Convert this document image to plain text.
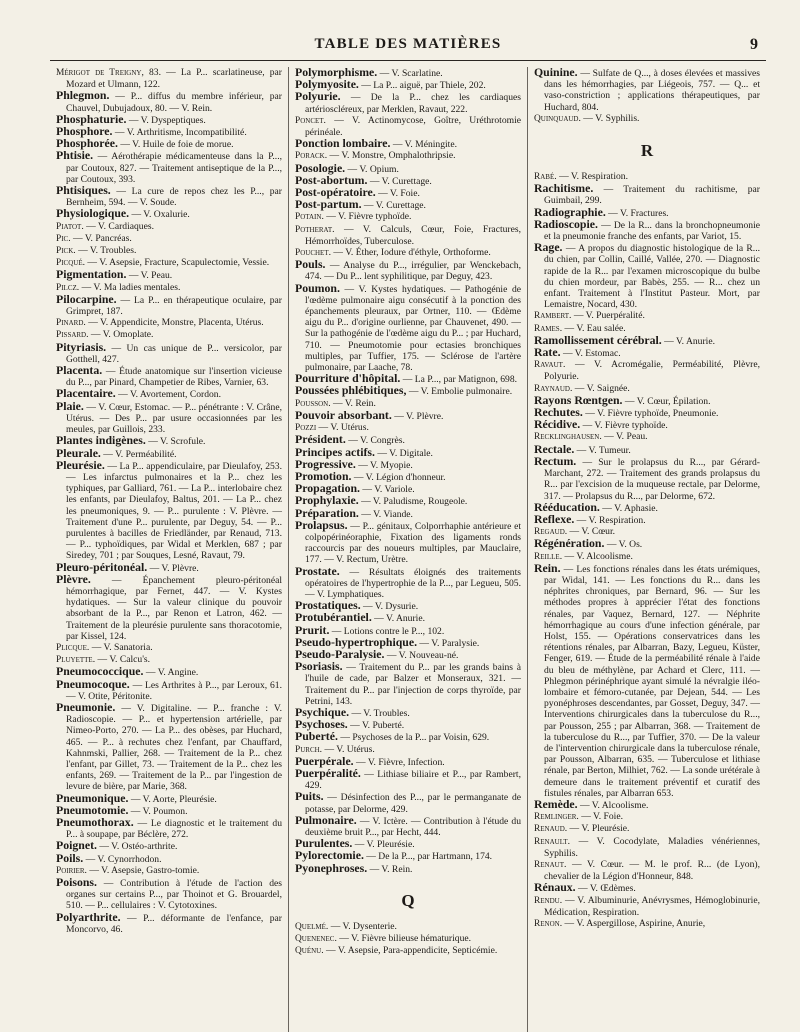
TABLE DES MATIÈRES	9

Mérigot de Treigny, 83. — La P... scarlatineuse, par Mozard et Ulmann, 122.

Phlegmon. — P... diffus du membre inférieur, par Chauvel, Dubujadoux, 80. — V. Rein.

Phosphaturie. — V. Dyspeptiques.

Phosphore. — V. Arthritisme, Incompatibilité.

Phosphorée. — V. Huile de foie de morue.

Phtisie. — Aérothérapie médicamenteuse dans la P..., par Coutoux, 827. — Traitement antiseptique de la P..., par Coutoux, 393.

Phtisiques. — La cure de repos chez les P..., par Bernheim, 594. — V. Soude.

Physiologique. — V. Oxalurie.

Piatot. — V. Cardiaques.

Pic. — V. Pancréas.

Pick. — V. Troubles.

Picqué. — V. Asepsie, Fracture, Scapulectomie, Vessie.

Pigmentation. — V. Peau.

Pilcz. — V. Ma ladies mentales.

Pilocarpine. — La P... en thérapeutique oculaire, par Grimpret, 187.

Pinard. — V. Appendicite, Monstre, Placenta, Utérus.

Pissard. — V. Omoplate.

Pityriasis. — Un cas unique de P... versicolor, par Gotthell, 427.

Placenta. — Étude anatomique sur l'insertion vicieuse du P..., par Pinard, Champetier de Ribes, Varnier, 63.

Placentaire. — V. Avortement, Cordon.

Plaie. — V. Cœur, Estomac. — P... pénétrante : V. Crâne, Utérus. — Des P... par usure occasionnées par les meules, par Guillois, 233.

Plantes indigènes. — V. Scrofule.

Pleurale. — V. Perméabilité.

Pleurésie. — La P... appendiculaire, par Dieulafoy, 253. — Les infarctus pulmonaires et la P... chez les typhiques, par Galliard, 761. — La P... interlobaire chez les enfants, par Dieulafoy, Baltus, 201. — La P... chez les pneumoniques, 9. — P... purulente : V. Plèvre. — Traitement d'une P... purulente, par Deguy, 54. — P... purulentes à bacilles de Friedländer, par Renaud, 713. — P... typhoïdiques, par Widal et Merklen, 687 ; par Siredey, 701 ; par Souques, Lesné, Ravaut, 79.

Pleuro-péritonéal. — V. Plèvre.

Plèvre. — Épanchement pleuro-péritonéal hémorrhagique, par Fernet, 447. — V. Kystes hydatiques. — Sur la valeur clinique du pouvoir absorbant de la P..., par Renon et Latron, 462. — Traitement de la pleurésie purulente sans thoracotomie, par Kissel, 124.

Plicque. — V. Sanatoria.

Pluyette. — V. Calcu's.

Pneumococcique. — V. Angine.

Pneumocoque. — Les Arthrites à P..., par Leroux, 61. — V. Otite, Péritonite.

Pneumonie. — V. Digitaline. — P... franche : V. Radioscopie. — P... et hypertension artérielle, par Nimeo-Porto, 270. — La P... des obèses, par Huchard, 465. — P... à rechutes chez l'enfant, par Chauffard, Kahnmski, Pallier, 268. — Traitement de la P... chez l'enfant, par Gillet, 73. — Traitement de la P... chez les enfants, 269. — Traitement de la P... par l'ingestion de levure de bière, par Marie, 368.

Pneumonique. — V. Aorte, Pleurésie.

Pneumotomie. — V. Poumon.

Pneumothorax. — Le diagnostic et le traitement du P... à soupape, par Béclère, 272.

Poignet. — V. Ostéo-arthrite.

Poils. — V. Cynorrhodon.

Poirier. — V. Asepsie, Gastro-tomie.

Poisons. — Contribution à l'étude de l'action des organes sur certains P..., par Thoinot et G. Brouardel, 510. — P... cellulaires : V. Cytotoxines.

Polyarthrite. — P... déformante de l'enfance, par Moncorvo, 46.

Polymorphisme. — V. Scarlatine.

Polymyosite. — La P... aiguë, par Thiele, 202.

Polyurie. — De la P... chez les cardiaques artérioscléreux, par Merklen, Ravaut, 222.

Poncet. — V. Actinomycose, Goître, Uréthrotomie périnéale.

Ponction lombaire. — V. Méningite.

Porack. — V. Monstre, Omphalothripsie.

Posologie. — V. Opium.

Post-abortum. — V. Curettage.

Post-opératoire. — V. Foie.

Post-partum. — V. Curettage.

Potain. — V. Fièvre typhoïde.

Potherat. — V. Calculs, Cœur, Foie, Fractures, Hémorrhoïdes, Tuberculose.

Pouchet. — V. Éther, Iodure d'éthyle, Orthoforme.

Pouls. — Analyse du P..., irrégulier, par Wenckebach, 474. — Du P... lent syphilitique, par Deguy, 423.

Poumon. — V. Kystes hydatiques. — Pathogénie de l'œdème pulmonaire aigu consécutif à la ponction des épanchements pleuraux, par Ortner, 110. — Œdème aigu du P... d'origine ourlienne, par Chauvenet, 490. — Sur la pathogénie de l'œdème aigu du P... ; par Huchard, 710. — Pneumotomie pour ectasies bronchiques multiples, par Tuffier, 175. — Sclérose de l'artère pulmonaire, par Laache, 78.

Pourriture d'hôpital. — La P..., par Matignon, 698.

Poussées phlébitiques, — V. Embolie pulmonaire.

Pousson. — V. Rein.

Pouvoir absorbant. — V. Plèvre.

Pozzi — V. Utérus.

Président. — V. Congrès.

Principes actifs. — V. Digitale.

Progressive. — V. Myopie.

Promotion. — V. Légion d'honneur.

Propagation. — V. Variole.

Prophylaxie. — V. Paludisme, Rougeole.

Préparation. — V. Viande.

Prolapsus. — P... génitaux, Colporrhaphie antérieure et colpopérinéoraphie, Fixation des ligaments ronds raccourcis par des noueurs multiples, par Mauclaire, 177. — V. Rectum, Urètre.

Prostate. — Résultats éloignés des traitements opératoires de l'hypertrophie de la P..., par Legueu, 505. — V. Lymphatiques.

Prostatiques. — V. Dysurie.

Protubérantiel. — V. Anurie.

Prurit. — Lotions contre le P..., 102.

Pseudo-hypertrophique. — V. Paralysie.

Pseudo-Paralysie. — V. Nouveau-né.

Psoriasis. — Traitement du P... par les grands bains à l'huile de cade, par Balzer et Monseraux, 321. — Traitement du P... par l'injection de corps thyroïde, par Petrini, 143.

Psychique. — V. Troubles.

Psychoses. — V. Puberté.

Puberté. — Psychoses de la P... par Voisin, 629.

Purch. — V. Utérus.

Puerpérale. — V. Fièvre, Infection.

Puerpéralité. — Lithiase biliaire et P..., par Rambert, 429.

Puits. — Désinfection des P..., par le permanganate de potasse, par Delorme, 429.

Pulmonaire. — V. Ictère. — Contribution à l'étude du deuxième bruit P..., par Hecht, 444.

Purulentes. — V. Pleurésie.

Pylorectomie. — De la P..., par Hartmann, 174.

Pyonephroses. — V. Rein.

Q

Quelmé. — V. Dysenterie.

Quenenec. — V. Fièvre bilieuse hématurique.

Quénu. — V. Asepsie, Para-appendicite, Septicémie.

Quinine. — Sulfate de Q..., à doses élevées et massives dans les hémorrhagies, par Liégeois, 757. — Q... et vaso-constriction ; applications thérapeutiques, par Huchard, 804.

Quinquaud. — V. Syphilis.

R

Rabé. — V. Respiration.

Rachitisme. — Traitement du rachitisme, par Guimbail, 299.

Radiographie. — V. Fractures.

Radioscopie. — De la R... dans la bronchopneumonie et la pneumonie franche des enfants, par Variot, 15.

Rage. — A propos du diagnostic histologique de la R... du chien, par Collin, Caillé, Vallée, 270. — Diagnostic rapide de la R... par l'examen microscopique du bulbe du chien mordeur, par Babès, 255. — R... chez un enfant. Traitement à l'Institut Pasteur. Mort, par Lemaistre, Nocard, 430.

Rambert. — V. Puerpéralité.

Rames. — V. Eau salée.

Ramollissement cérébral. — V. Anurie.

Rate. — V. Estomac.

Ravaut. — V. Acromégalie, Perméabilité, Plèvre, Polyurie.

Raynaud. — V. Saignée.

Rayons Rœntgen. — V. Cœur, Épilation.

Rechutes. — V. Fièvre typhoïde, Pneumonie.

Récidive. — V. Fièvre typhoïde.

Recklinghausen. — V. Peau.

Rectale. — V. Tumeur.

Rectum. — Sur le prolapsus du R..., par Gérard-Marchant, 272. — Traitement des grands prolapsus du R... par l'excision de la muqueuse rectale, par Delorme, 317. — Prolapsus du R..., par Delorme, 672.

Rééducation. — V. Aphasie.

Reflexe. — V. Respiration.

Regaud. — V. Cœur.

Régénération. — V. Os.

Reille. — V. Alcoolisme.

Rein. — Les fonctions rénales dans les états urémiques, par Widal, 141. — Les fonctions du R... dans les néphrites chroniques, par Bernard, 96. — Sur les méthodes propres à apprécier l'état des fonctions rénales, par Vaquez, Bernard, 127. — Néphrite hémorrhagique au cours d'une infection générale, par Holst, 155. — Opérations conservatrices dans les rétentions rénales, par Albarran, Bazy, Legueu, Küster, Fenger, 619. — Étude de la perméabilité rénale à l'aide du bleu de méthylène, par Achard et Clerc, 111. — Phlegmon périnéphrique ayant simulé la névralgie iléo-lombaire et fémoro-cutanée, par Dejean, 544. — Les pyonéphroses descendantes, par Gosset, Deguy, 347. — Interventions chirurgicales dans la tuberculose du R..., par Pousson, 255 ; par Albarran, 368. — Traitement de la tuberculose du R..., par Tuffier, 370. — De la valeur de l'intervention chirurgicale dans la tuberculose rénale, par Pousson, Albarran, 635. — Tuberculose et lithiase rénale, par Berton, Milhiet, 762. — La sonde urétérale à demeure dans le traitement préventif et curatif des fistules rénales, par Albarran 653.

Remède. — V. Alcoolisme.

Remlinger. — V. Foie.

Renaud. — V. Pleurésie.

Renault. — V. Cocodylate, Maladies vénériennes, Syphilis.

Renaut. — V. Cœur. — M. le prof. R... (de Lyon), chevalier de la Légion d'Honneur, 848.

Rénaux. — V. Œdèmes.

Rendu. — V. Albuminurie, Anévrysmes, Hémoglobinurie, Médication, Respiration.

Renon. — V. Aspergillose, Aspirine, Anurie,
